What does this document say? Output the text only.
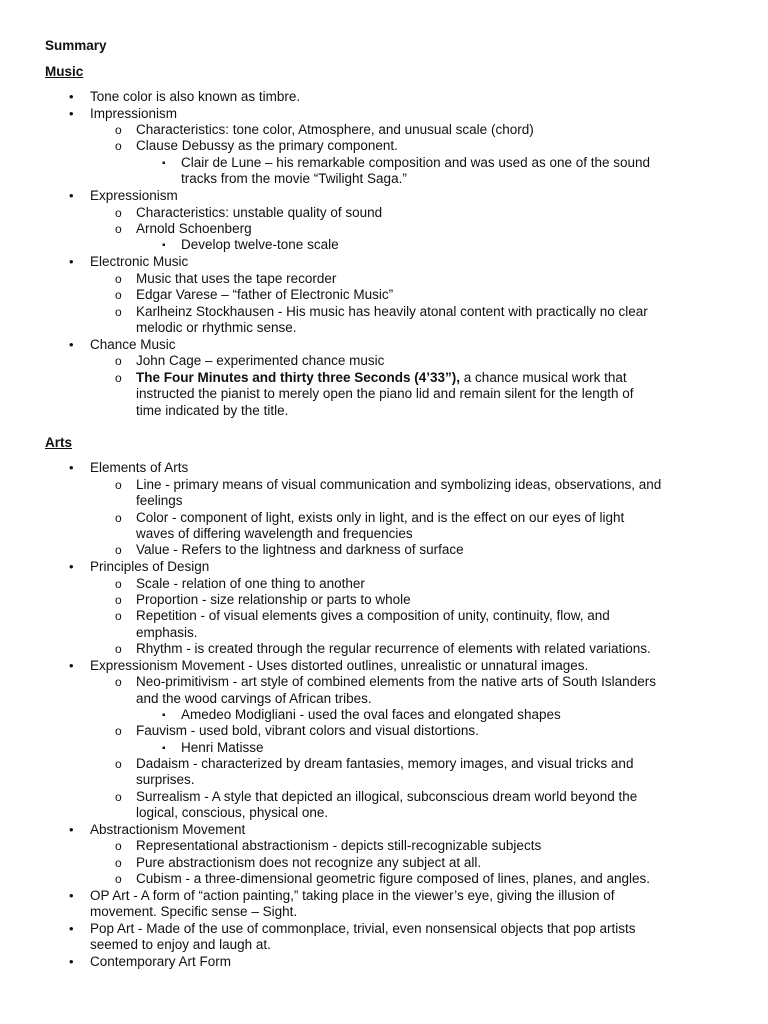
Summary
Music
• Tone color is also known as timbre.
• Impressionism
o Characteristics: tone color, Atmosphere, and unusual scale (chord)
o Clause Debussy as the primary component.
▪ Clair de Lune – his remarkable composition and was used as one of the sound
tracks from the movie “Twilight Saga.”
• Expressionism
o Characteristics: unstable quality of sound
o Arnold Schoenberg
▪ Develop twelve-tone scale
• Electronic Music
o Music that uses the tape recorder
o Edgar Varese – “father of Electronic Music”
o Karlheinz Stockhausen - His music has heavily atonal content with practically no clear
melodic or rhythmic sense.
• Chance Music
o John Cage – experimented chance music
o The Four Minutes and thirty three Seconds (4’33”), a chance musical work that
instructed the pianist to merely open the piano lid and remain silent for the length of
time indicated by the title.
Arts
• Elements of Arts
o Line - primary means of visual communication and symbolizing ideas, observations, and
feelings
o Color - component of light, exists only in light, and is the effect on our eyes of light
waves of differing wavelength and frequencies
o Value - Refers to the lightness and darkness of surface
• Principles of Design
o Scale - relation of one thing to another
o Proportion - size relationship or parts to whole
o Repetition - of visual elements gives a composition of unity, continuity, flow, and
emphasis.
o Rhythm - is created through the regular recurrence of elements with related variations.
• Expressionism Movement - Uses distorted outlines, unrealistic or unnatural images.
o Neo-primitivism - art style of combined elements from the native arts of South Islanders
and the wood carvings of African tribes.
▪ Amedeo Modigliani - used the oval faces and elongated shapes
o Fauvism - used bold, vibrant colors and visual distortions.
▪ Henri Matisse
o Dadaism - characterized by dream fantasies, memory images, and visual tricks and
surprises.
o Surrealism - A style that depicted an illogical, subconscious dream world beyond the
logical, conscious, physical one.
• Abstractionism Movement
o Representational abstractionism - depicts still-recognizable subjects
o Pure abstractionism does not recognize any subject at all.
o Cubism - a three-dimensional geometric figure composed of lines, planes, and angles.
• OP Art - A form of “action painting,” taking place in the viewer’s eye, giving the illusion of
movement. Specific sense – Sight.
• Pop Art - Made of the use of commonplace, trivial, even nonsensical objects that pop artists
seemed to enjoy and laugh at.
• Contemporary Art Form
